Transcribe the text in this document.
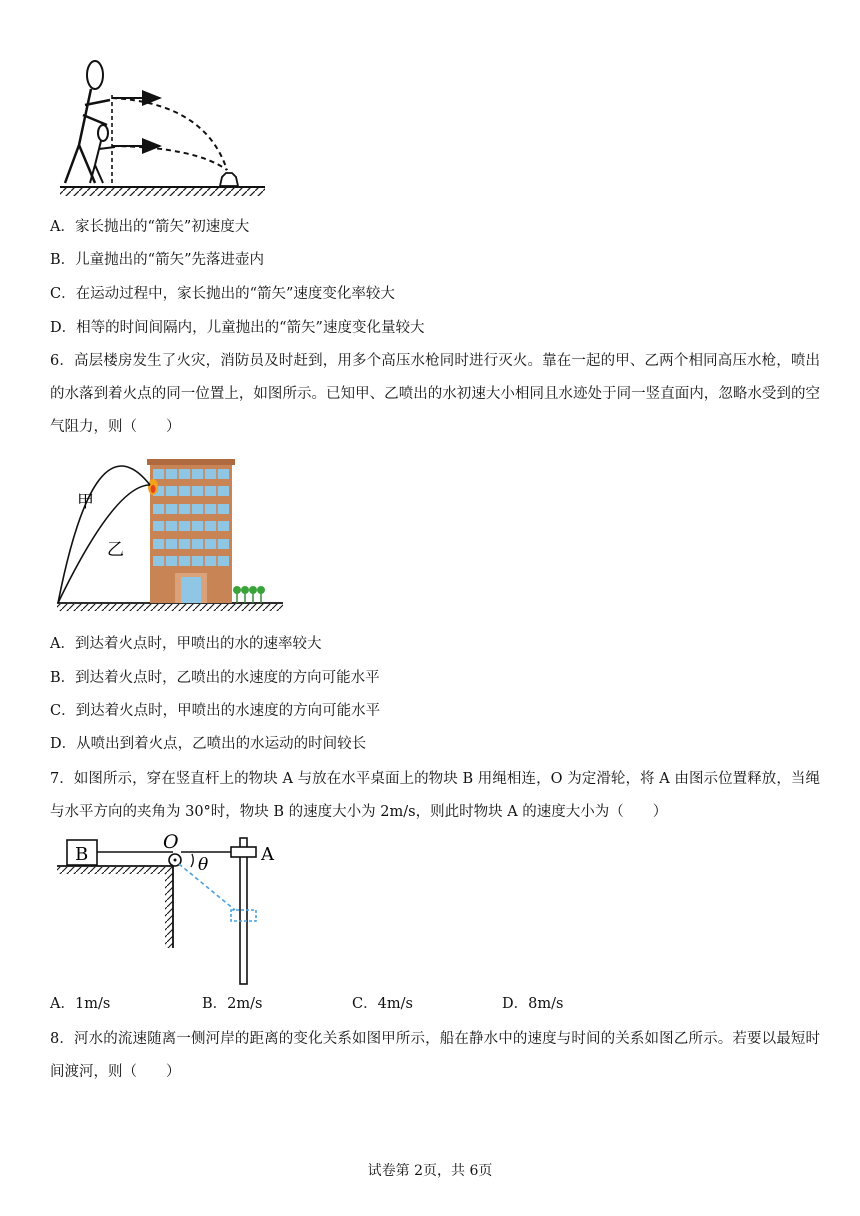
A．家长抛出的“箭矢”初速度大
B．儿童抛出的“箭矢”先落进壶内
C．在运动过程中，家长抛出的“箭矢”速度变化率较大
D．相等的时间间隔内，儿童抛出的“箭矢”速度变化量较大
6．高层楼房发生了火灾，消防员及时赶到，用多个高压水枪同时进行灭火。靠在一起的甲、乙两个相同高压水枪，喷出的水落到着火点的同一位置上，如图所示。已知甲、乙喷出的水初速大小相同且水迹处于同一竖直面内，忽略水受到的空气阻力，则（　　）
甲
乙
A．到达着火点时，甲喷出的水的速率较大
B．到达着火点时，乙喷出的水速度的方向可能水平
C．到达着火点时，甲喷出的水速度的方向可能水平
D．从喷出到着火点，乙喷出的水运动的时间较长
7．如图所示，穿在竖直杆上的物块 A 与放在水平桌面上的物块 B 用绳相连，O 为定滑轮，将 A 由图示位置释放，当绳与水平方向的夹角为 30°时，物块 B 的速度大小为 2m/s，则此时物块 A 的速度大小为（　　）
B
O
θ	A
A．1m/s	B．2m/s	C．4m/s	D．8m/s
8．河水的流速随离一侧河岸的距离的变化关系如图甲所示，船在静水中的速度与时间的关系如图乙所示。若要以最短时间渡河，则（　　）
试卷第 2页，共 6页
